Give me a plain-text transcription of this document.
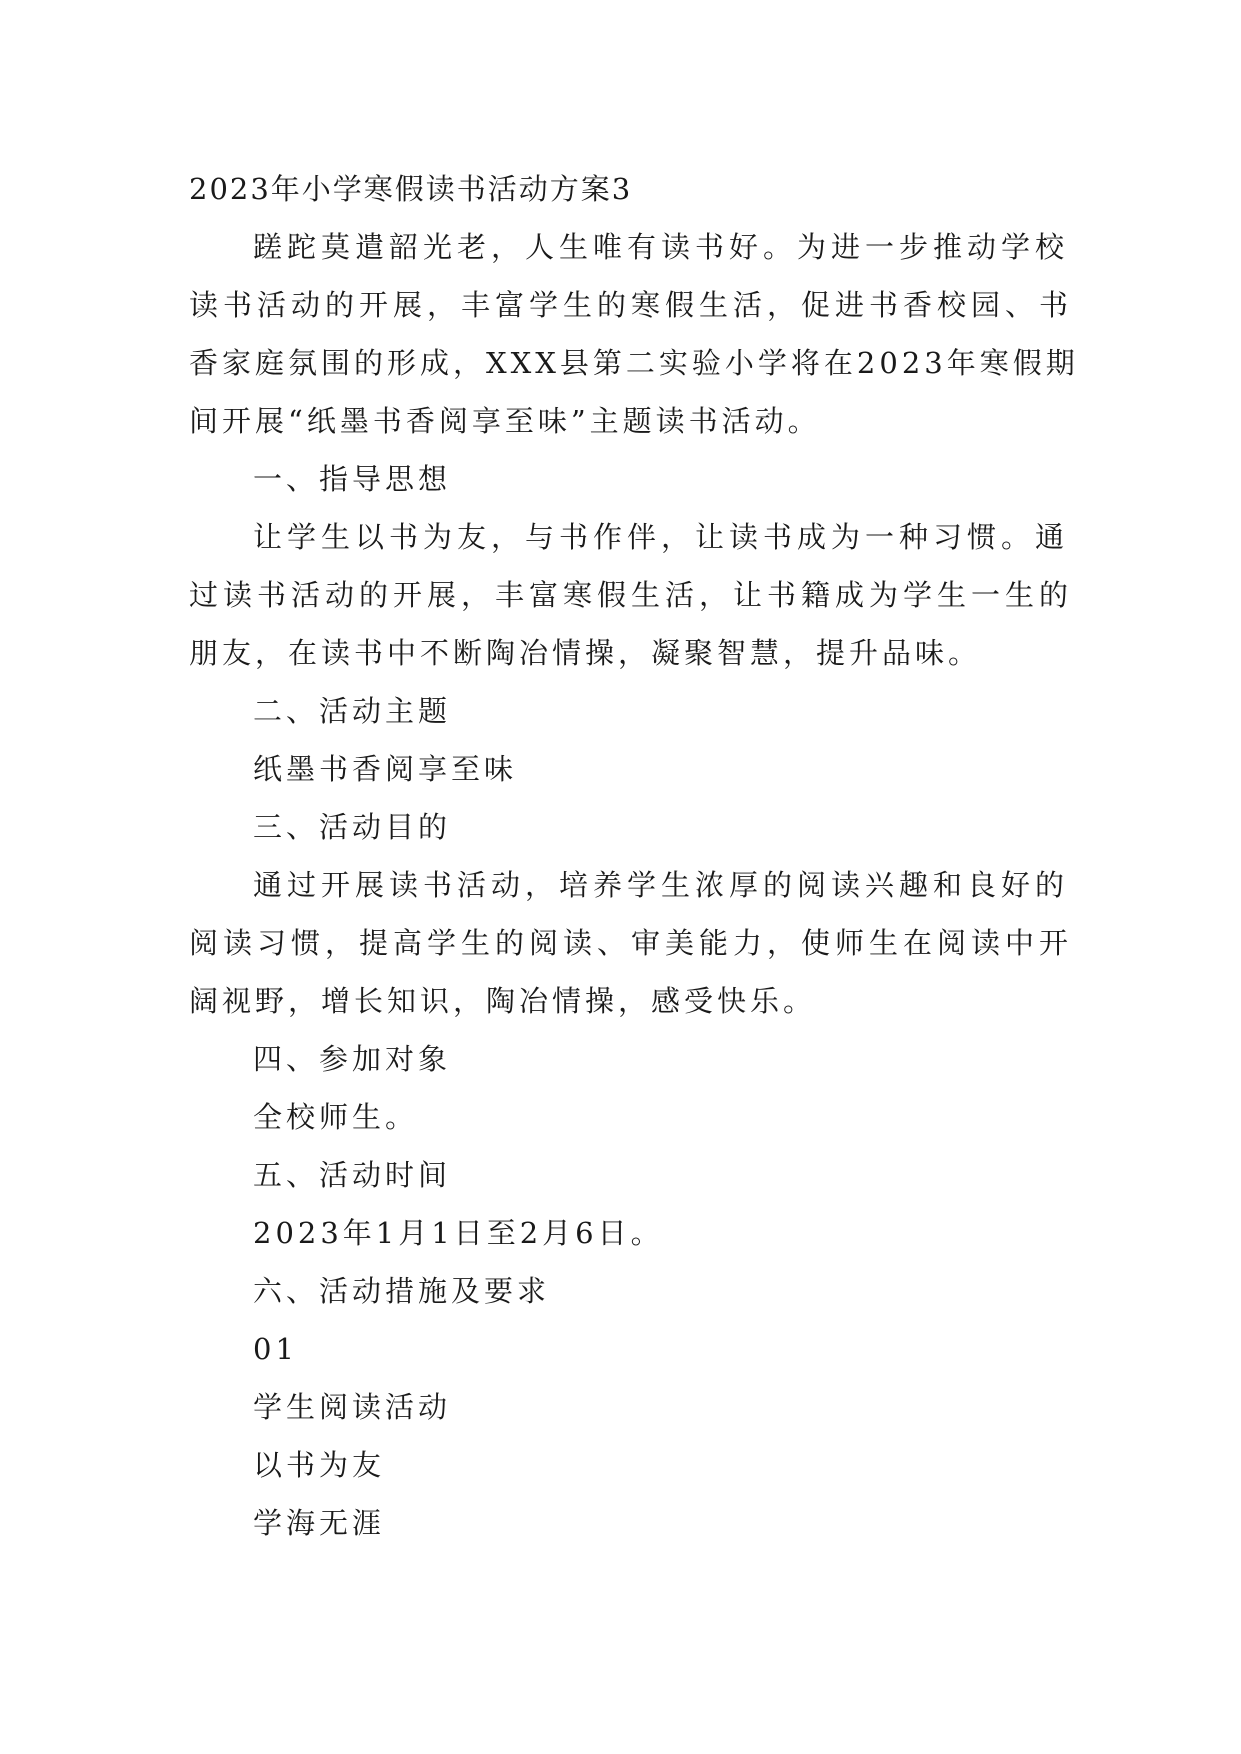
2023年小学寒假读书活动方案3
蹉跎莫遣韶光老，人生唯有读书好。为进一步推动学校
读书活动的开展，丰富学生的寒假生活，促进书香校园、书
香家庭氛围的形成，XXX县第二实验小学将在2023年寒假期
间开展“纸墨书香阅享至味”主题读书活动。
一、指导思想
让学生以书为友，与书作伴，让读书成为一种习惯。通
过读书活动的开展，丰富寒假生活，让书籍成为学生一生的
朋友，在读书中不断陶冶情操，凝聚智慧，提升品味。
二、活动主题
纸墨书香阅享至味
三、活动目的
通过开展读书活动，培养学生浓厚的阅读兴趣和良好的
阅读习惯，提高学生的阅读、审美能力，使师生在阅读中开
阔视野，增长知识，陶冶情操，感受快乐。
四、参加对象
全校师生。
五、活动时间
2023年1月1日至2月6日。
六、活动措施及要求
01
学生阅读活动
以书为友
学海无涯
